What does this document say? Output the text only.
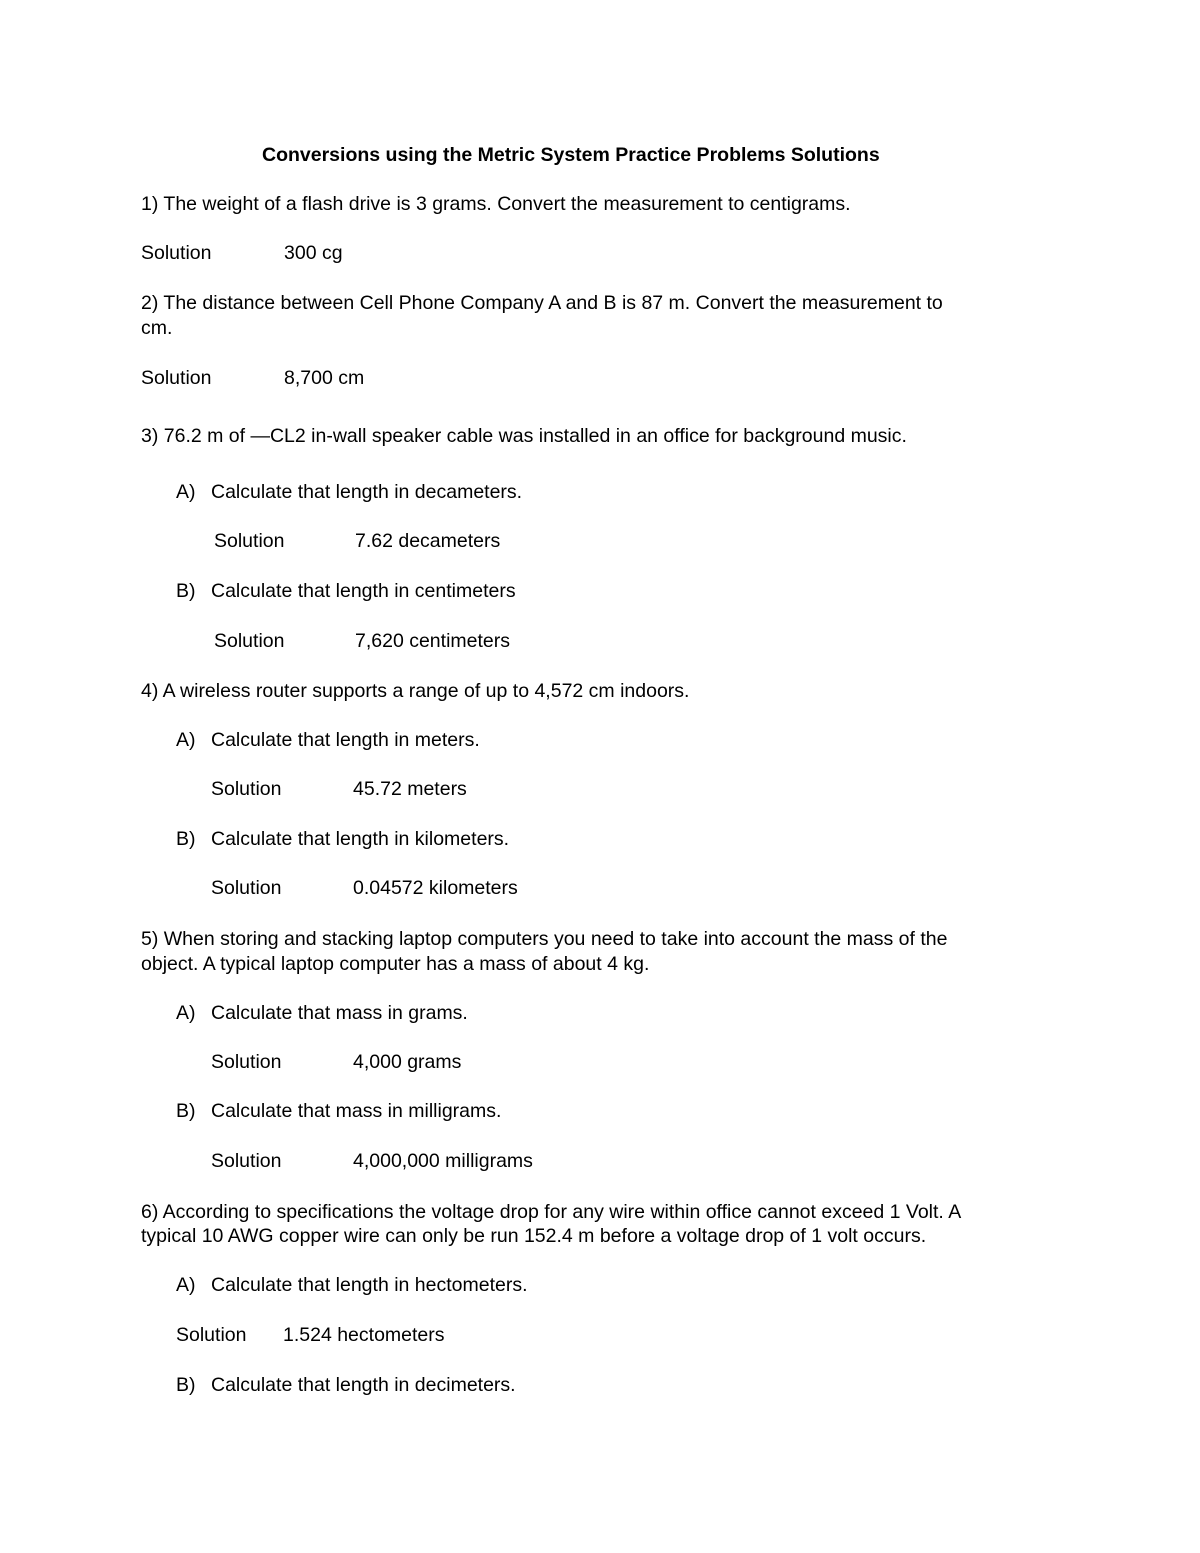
Conversions using the Metric System Practice Problems Solutions
1) The weight of a flash drive is 3 grams. Convert the measurement to centigrams.
Solution	300 cg
2) The distance between Cell Phone Company A and B is 87 m. Convert the measurement to
cm.
Solution	8,700 cm
3) 76.2 m of —CL2 in-wall speaker cable was installed in an office for background music.
A) Calculate that length in decameters.
Solution	7.62 decameters
B) Calculate that length in centimeters
Solution	7,620 centimeters
4) A wireless router supports a range of up to 4,572 cm indoors.
A) Calculate that length in meters.
Solution	45.72 meters
B) Calculate that length in kilometers.
Solution	0.04572 kilometers
5) When storing and stacking laptop computers you need to take into account the mass of the
object. A typical laptop computer has a mass of about 4 kg.
A) Calculate that mass in grams.
Solution	4,000 grams
B) Calculate that mass in milligrams.
Solution	4,000,000 milligrams
6) According to specifications the voltage drop for any wire within office cannot exceed 1 Volt. A
typical 10 AWG copper wire can only be run 152.4 m before a voltage drop of 1 volt occurs.
A) Calculate that length in hectometers.
Solution 1.524 hectometers
B) Calculate that length in decimeters.
